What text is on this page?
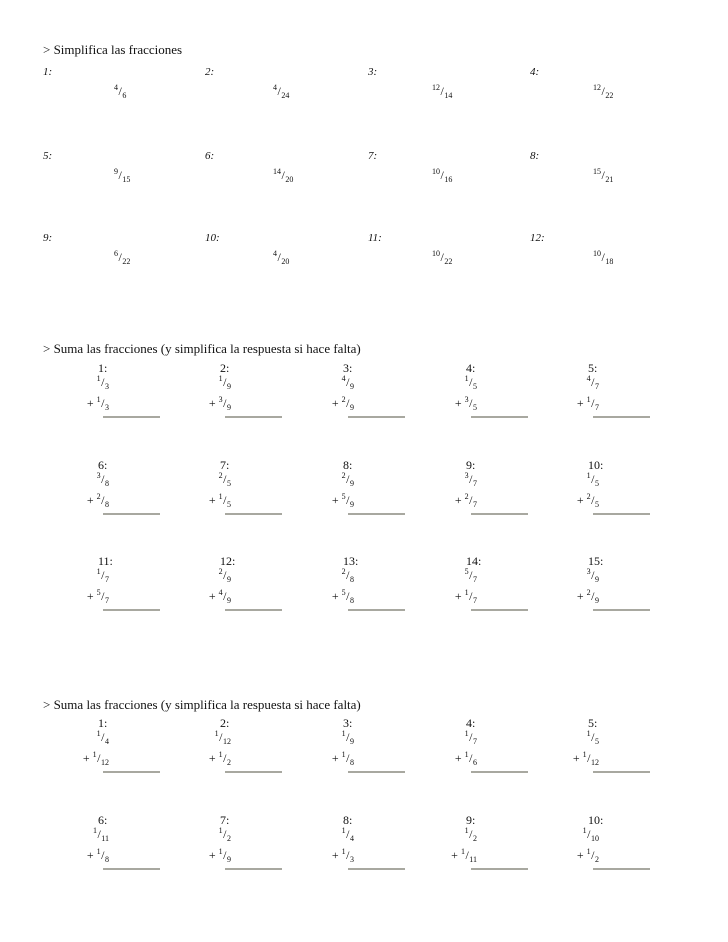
> Simplifica las fracciones
1:
$^4/_6$
2:
$^4/_{24}$
3:
$^{12}/_{14}$
4:
$^{12}/_{22}$
5:
$^9/_{15}$
6:
$^{14}/_{20}$
7:
$^{10}/_{16}$
8:
$^{15}/_{21}$
9:
$^6/_{22}$
10:
$^4/_{20}$
11:
$^{10}/_{22}$
12:
$^{10}/_{18}$
> Suma las fracciones (y simplifica la respuesta si hace falta)
1:
$^1/_3$
+ $^1/_3$
2:
$^1/_9$
+ $^3/_9$
3:
$^4/_9$
+ $^2/_9$
4:
$^1/_5$
+ $^3/_5$
5:
$^4/_7$
+ $^1/_7$
6:
$^3/_8$
+ $^2/_8$
7:
$^2/_5$
+ $^1/_5$
8:
$^2/_9$
+ $^5/_9$
9:
$^3/_7$
+ $^2/_7$
10:
$^1/_5$
+ $^2/_5$
11:
$^1/_7$
+ $^5/_7$
12:
$^2/_9$
+ $^4/_9$
13:
$^2/_8$
+ $^5/_8$
14:
$^5/_7$
+ $^1/_7$
15:
$^3/_9$
+ $^2/_9$
> Suma las fracciones (y simplifica la respuesta si hace falta)
1:
$^1/_4$
+ $^1/_{12}$
2:
$^1/_{12}$
+ $^1/_2$
3:
$^1/_9$
+ $^1/_8$
4:
$^1/_7$
+ $^1/_6$
5:
$^1/_5$
+ $^1/_{12}$
6:
$^1/_{11}$
+ $^1/_8$
7:
$^1/_2$
+ $^1/_9$
8:
$^1/_4$
+ $^1/_3$
9:
$^1/_2$
+ $^1/_{11}$
10:
$^1/_{10}$
+ $^1/_2$
